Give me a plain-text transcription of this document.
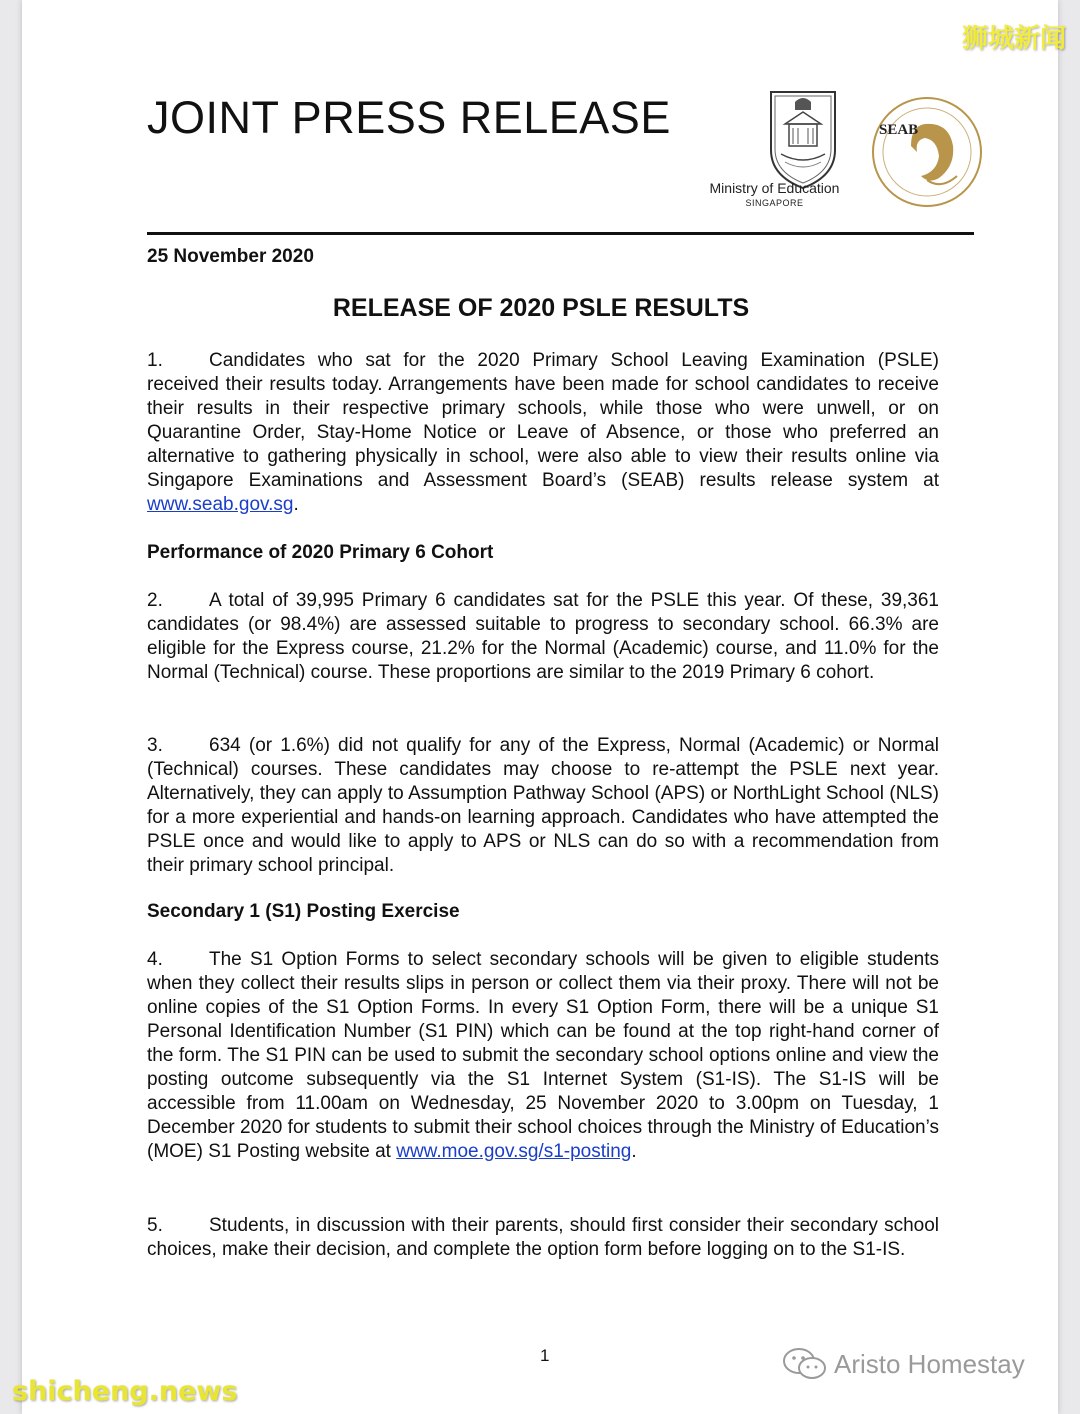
JOINT PRESS RELEASE
Ministry of Education
SINGAPORE
SEAB
25 November 2020
RELEASE OF 2020 PSLE RESULTS
1. Candidates who sat for the 2020 Primary School Leaving Examination (PSLE) received their results today. Arrangements have been made for school candidates to receive their results in their respective primary schools, while those who were unwell, or on Quarantine Order, Stay-Home Notice or Leave of Absence, or those who preferred an alternative to gathering physically in school, were also able to view their results online via Singapore Examinations and Assessment Board’s (SEAB) results release system at www.seab.gov.sg.
Performance of 2020 Primary 6 Cohort
2. A total of 39,995 Primary 6 candidates sat for the PSLE this year. Of these, 39,361 candidates (or 98.4%) are assessed suitable to progress to secondary school. 66.3% are eligible for the Express course, 21.2% for the Normal (Academic) course, and 11.0% for the Normal (Technical) course. These proportions are similar to the 2019 Primary 6 cohort.
3. 634 (or 1.6%) did not qualify for any of the Express, Normal (Academic) or Normal (Technical) courses. These candidates may choose to re-attempt the PSLE next year. Alternatively, they can apply to Assumption Pathway School (APS) or NorthLight School (NLS) for a more experiential and hands-on learning approach. Candidates who have attempted the PSLE once and would like to apply to APS or NLS can do so with a recommendation from their primary school principal.
Secondary 1 (S1) Posting Exercise
4. The S1 Option Forms to select secondary schools will be given to eligible students when they collect their results slips in person or collect them via their proxy. There will not be online copies of the S1 Option Forms. In every S1 Option Form, there will be a unique S1 Personal Identification Number (S1 PIN) which can be found at the top right-hand corner of the form. The S1 PIN can be used to submit the secondary school options online and view the posting outcome subsequently via the S1 Internet System (S1-IS). The S1-IS will be accessible from 11.00am on Wednesday, 25 November 2020 to 3.00pm on Tuesday, 1 December 2020 for students to submit their school choices through the Ministry of Education’s (MOE) S1 Posting website at www.moe.gov.sg/s1-posting.
5. Students, in discussion with their parents, should first consider their secondary school choices, make their decision, and complete the option form before logging on to the S1-IS.
1
狮城新闻
shicheng.news
Aristo Homestay
